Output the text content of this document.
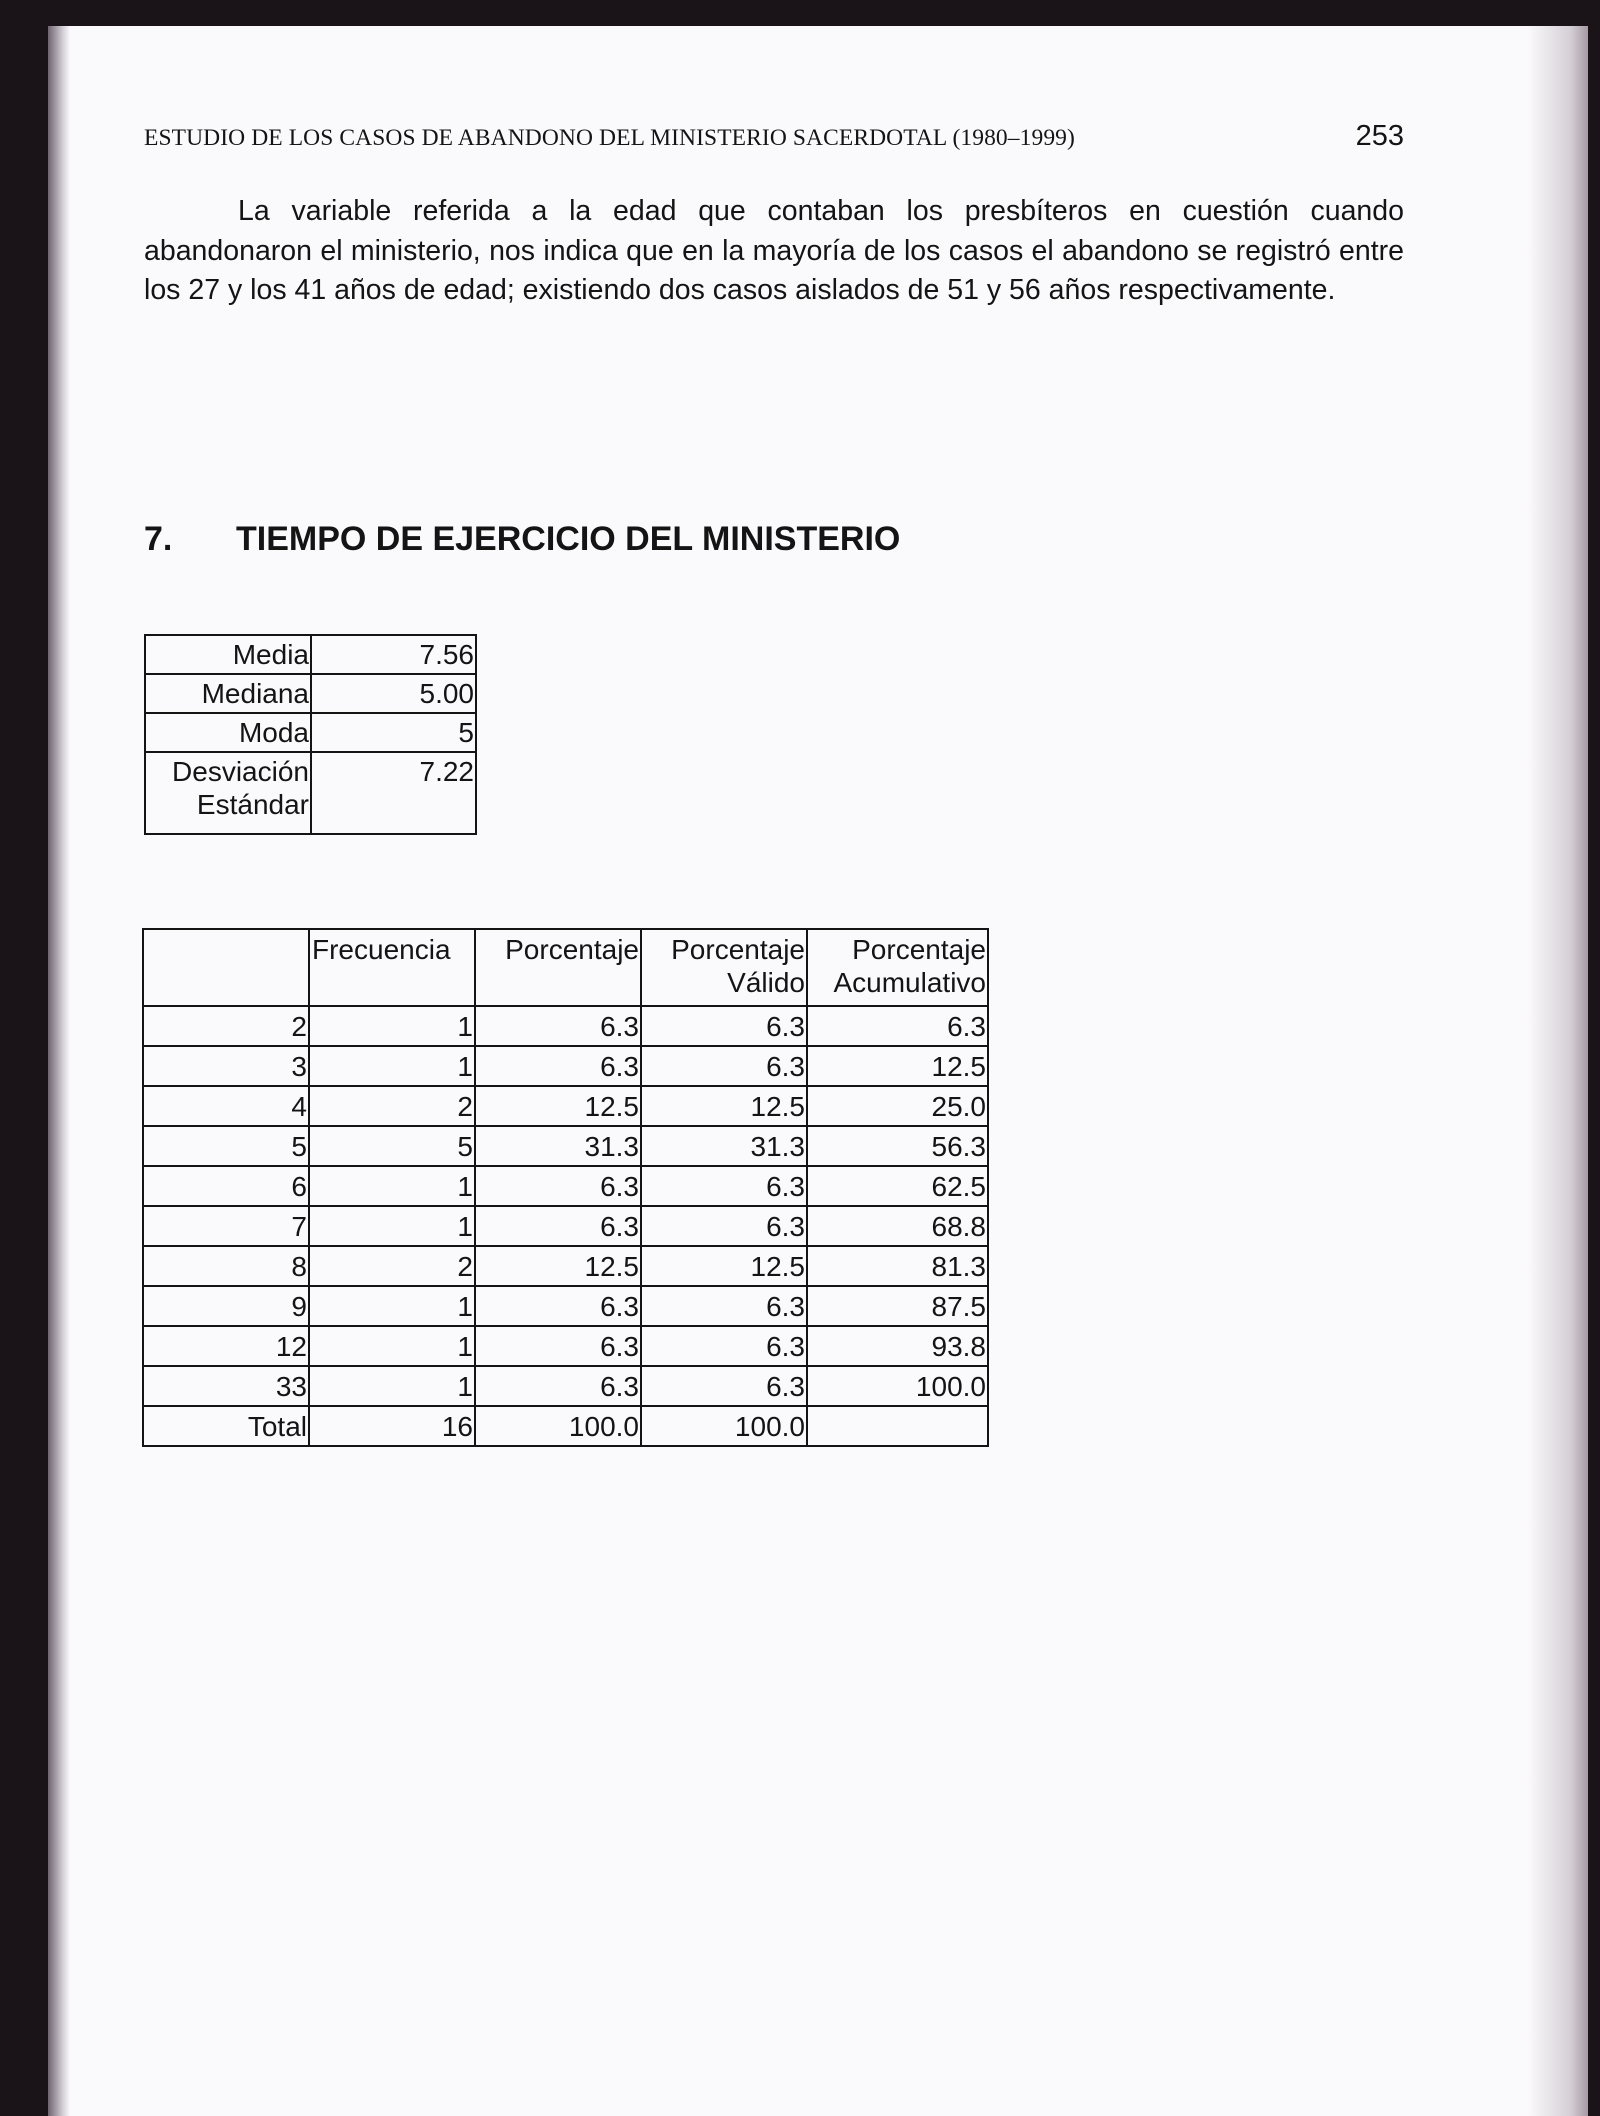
ESTUDIO DE LOS CASOS DE ABANDONO DEL MINISTERIO SACERDOTAL (1980–1999)	253

La variable referida a la edad que contaban los presbíteros en cuestión cuando abandonaron el ministerio, nos indica que en la mayoría de los casos el abandono se registró entre los 27 y los 41 años de edad; existiendo dos casos aislados de 51 y 56 años respectivamente.

7.	TIEMPO DE EJERCICIO DEL MINISTERIO
Media	7.56
Mediana	5.00
Moda	5
Desviación Estándar	7.22
	Frecuencia	Porcentaje	Porcentaje Válido	Porcentaje Acumulativo
2	1	6.3	6.3	6.3
3	1	6.3	6.3	12.5
4	2	12.5	12.5	25.0
5	5	31.3	31.3	56.3
6	1	6.3	6.3	62.5
7	1	6.3	6.3	68.8
8	2	12.5	12.5	81.3
9	1	6.3	6.3	87.5
12	1	6.3	6.3	93.8
33	1	6.3	6.3	100.0
Total	16	100.0	100.0	
